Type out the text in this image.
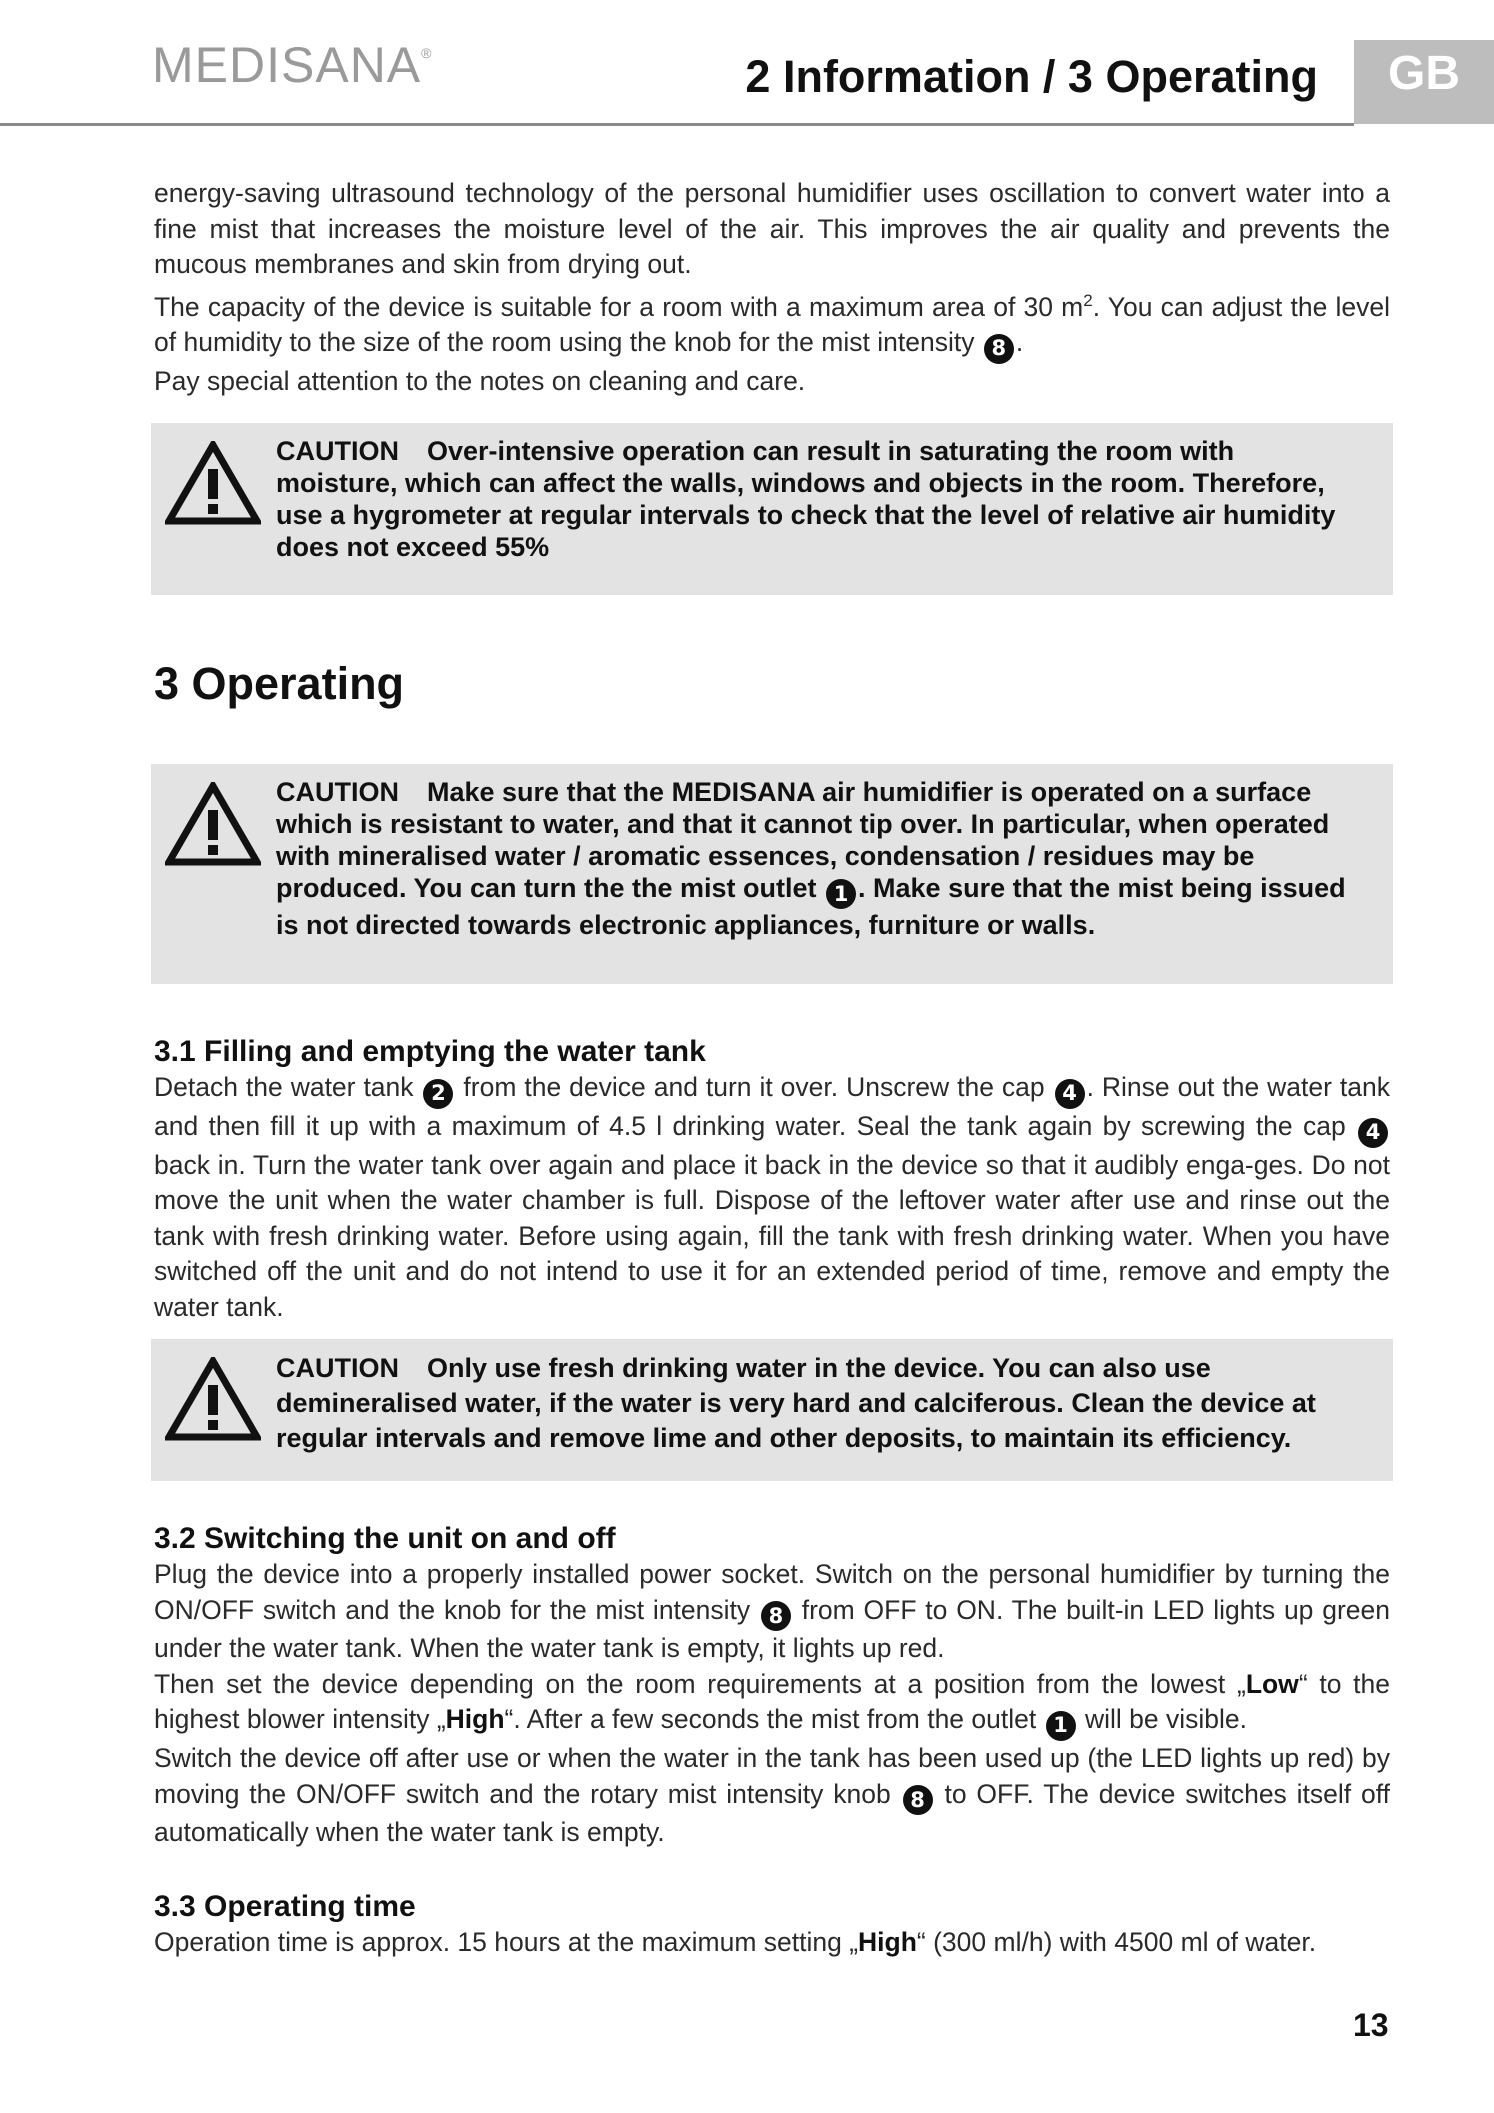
MEDISANA®	2 Information / 3 Operating	GB

energy-saving ultrasound technology of the personal humidifier uses oscillation to convert water into a fine mist that increases the moisture level of the air. This improves the air quality and prevents the mucous membranes and skin from drying out.

The capacity of the device is suitable for a room with a maximum area of 30 $m^2$. You can adjust the level of humidity to the size of the room using the knob for the mist intensity 8 .

Pay special attention to the notes on cleaning and care.

CAUTION Over-intensive operation can result in saturating the room with moisture, which can affect the walls, windows and objects in the room. Therefore, use a hygrometer at regular intervals to check that the level of relative air humidity does not exceed 55%
3 Operating
CAUTION Make sure that the MEDISANA air humidifier is operated on a surface which is resistant to water, and that it cannot tip over. In particular, when operated with mineralised water / aromatic essences, condensation / residues may be produced. You can turn the the mist outlet 1 . Make sure that the mist being issued is not directed towards electronic appliances, furniture or walls.
3.1 Filling and emptying the water tank

Detach the water tank 2 from the device and turn it over. Unscrew the cap 4 . Rinse out the water tank and then fill it up with a maximum of 4.5 l drinking water. Seal the tank again by screwing the cap 4 back in. Turn the water tank over again and place it back in the device so that it audibly enga-ges. Do not move the unit when the water chamber is full. Dispose of the leftover water after use and rinse out the tank with fresh drinking water. Before using again, fill the tank with fresh drinking water. When you have switched off the unit and do not intend to use it for an extended period of time, remove and empty the water tank.

CAUTION Only use fresh drinking water in the device. You can also use demineralised water, if the water is very hard and calciferous. Clean the device at regular intervals and remove lime and other deposits, to maintain its efficiency.
3.2 Switching the unit on and off

Plug the device into a properly installed power socket. Switch on the personal humidifier by turning the ON/OFF switch and the knob for the mist intensity 8 from OFF to ON. The built-in LED lights up green under the water tank. When the water tank is empty, it lights up red.

Then set the device depending on the room requirements at a position from the lowest „Low“ to the highest blower intensity „High“. After a few seconds the mist from the outlet 1 will be visible.

Switch the device off after use or when the water in the tank has been used up (the LED lights up red) by moving the ON/OFF switch and the rotary mist intensity knob 8 to OFF. The device switches itself off automatically when the water tank is empty.

3.3 Operating time

Operation time is approx. 15 hours at the maximum setting „High“ (300 ml/h) with 4500 ml of water.

13
